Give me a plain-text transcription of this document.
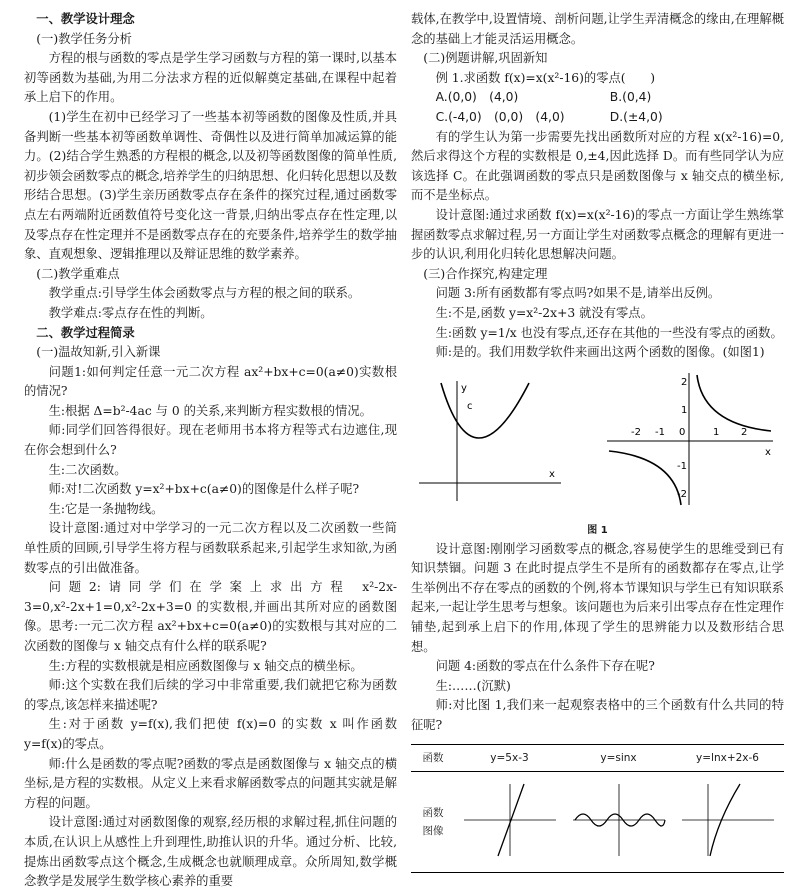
一、教学设计理念

(一)教学任务分析

方程的根与函数的零点是学生学习函数与方程的第一课时,以基本初等函数为基础,为用二分法求方程的近似解奠定基础,在课程中起着承上启下的作用。

(1)学生在初中已经学习了一些基本初等函数的图像及性质,并具备判断一些基本初等函数单调性、奇偶性以及进行简单加减运算的能力。(2)结合学生熟悉的方程根的概念,以及初等函数图像的简单性质,初步领会函数零点的概念,培养学生的归纳思想、化归转化思想以及数形结合思想。(3)学生亲历函数零点存在条件的探究过程,通过函数零点左右两端附近函数值符号变化这一背景,归纳出零点存在性定理,以及零点存在性定理并不是函数零点存在的充要条件,培养学生的数学抽象、直观想象、逻辑推理以及辩证思维的数学素养。

(二)教学重难点

教学重点:引导学生体会函数零点与方程的根之间的联系。

教学难点:零点存在性的判断。

二、教学过程简录

(一)温故知新,引入新课

问题1:如何判定任意一元二次方程 ax²+bx+c=0(a≠0)实数根的情况?

生:根据 Δ=b²-4ac 与 0 的关系,来判断方程实数根的情况。

师:同学们回答得很好。现在老师用书本将方程等式右边遮住,现在你会想到什么?

生:二次函数。

师:对!二次函数 y=x²+bx+c(a≠0)的图像是什么样子呢?

生:它是一条抛物线。

设计意图:通过对中学学习的一元二次方程以及二次函数一些简单性质的回顾,引导学生将方程与函数联系起来,引起学生求知欲,为函数零点的引出做准备。

问题2:请同学们在学案上求出方程 x²-2x-3=0,x²-2x+1=0,x²-2x+3=0 的实数根,并画出其所对应的函数图像。思考:一元二次方程 ax²+bx+c=0(a≠0)的实数根与其对应的二次函数的图像与 x 轴交点有什么样的联系呢?

生:方程的实数根就是相应函数图像与 x 轴交点的横坐标。

师:这个实数在我们后续的学习中非常重要,我们就把它称为函数的零点,该怎样来描述呢?

生:对于函数 y=f(x),我们把使 f(x)=0 的实数 x 叫作函数 y=f(x)的零点。

师:什么是函数的零点呢?函数的零点是函数图像与 x 轴交点的横坐标,是方程的实数根。从定义上来看求解函数零点的问题其实就是解方程的问题。

设计意图:通过对函数图像的观察,经历根的求解过程,抓住问题的本质,在认识上从感性上升到理性,助推认识的升华。通过分析、比较,提炼出函数零点这个概念,生成概念也就顺理成章。众所周知,数学概念教学是发展学生数学核心素养的重要

载体,在教学中,设置情境、剖析问题,让学生弄清概念的缘由,在理解概念的基础上才能灵活运用概念。

(二)例题讲解,巩固新知

例 1.求函数 f(x)=x(x²-16)的零点(　　)

A.(0,0)　(4,0)	B.(0,4)
C.(-4,0)　(0,0)　(4,0)	D.(±4,0)

有的学生认为第一步需要先找出函数所对应的方程 x(x²-16)=0,然后求得这个方程的实数根是 0,±4,因此选择 D。而有些同学认为应该选择 C。在此强调函数的零点只是函数图像与 x 轴交点的横坐标,而不是坐标点。

设计意图:通过求函数 f(x)=x(x²-16)的零点一方面让学生熟练掌握函数零点求解过程,另一方面让学生对函数零点概念的理解有更进一步的认识,利用化归转化思想解决问题。

(三)合作探究,构建定理

问题 3:所有函数都有零点吗?如果不是,请举出反例。

生:不是,函数 y=x²-2x+3 就没有零点。

生:函数 y=1/x 也没有零点,还存在其他的一些没有零点的函数。

师:是的。我们用数学软件来画出这两个函数的图像。(如图1)

y
c
x
-2 -1 0	1 2
2
1
-1
-2
x
图 1

设计意图:刚刚学习函数零点的概念,容易使学生的思维受到已有知识禁锢。问题 3 在此时提点学生不是所有的函数都存在零点,让学生举例出不存在零点的函数的个例,将本节课知识与学生已有知识联系起来,一起让学生思考与想象。该问题也为后来引出零点存在性定理作铺垫,起到承上启下的作用,体现了学生的思辨能力以及数形结合思想。

问题 4:函数的零点在什么条件下存在呢?

生:……(沉默)

师:对比图 1,我们来一起观察表格中的三个函数有什么共同的特征呢?

函数	y=5x-3	y=sinx	y=lnx+2x-6
函数
图像
